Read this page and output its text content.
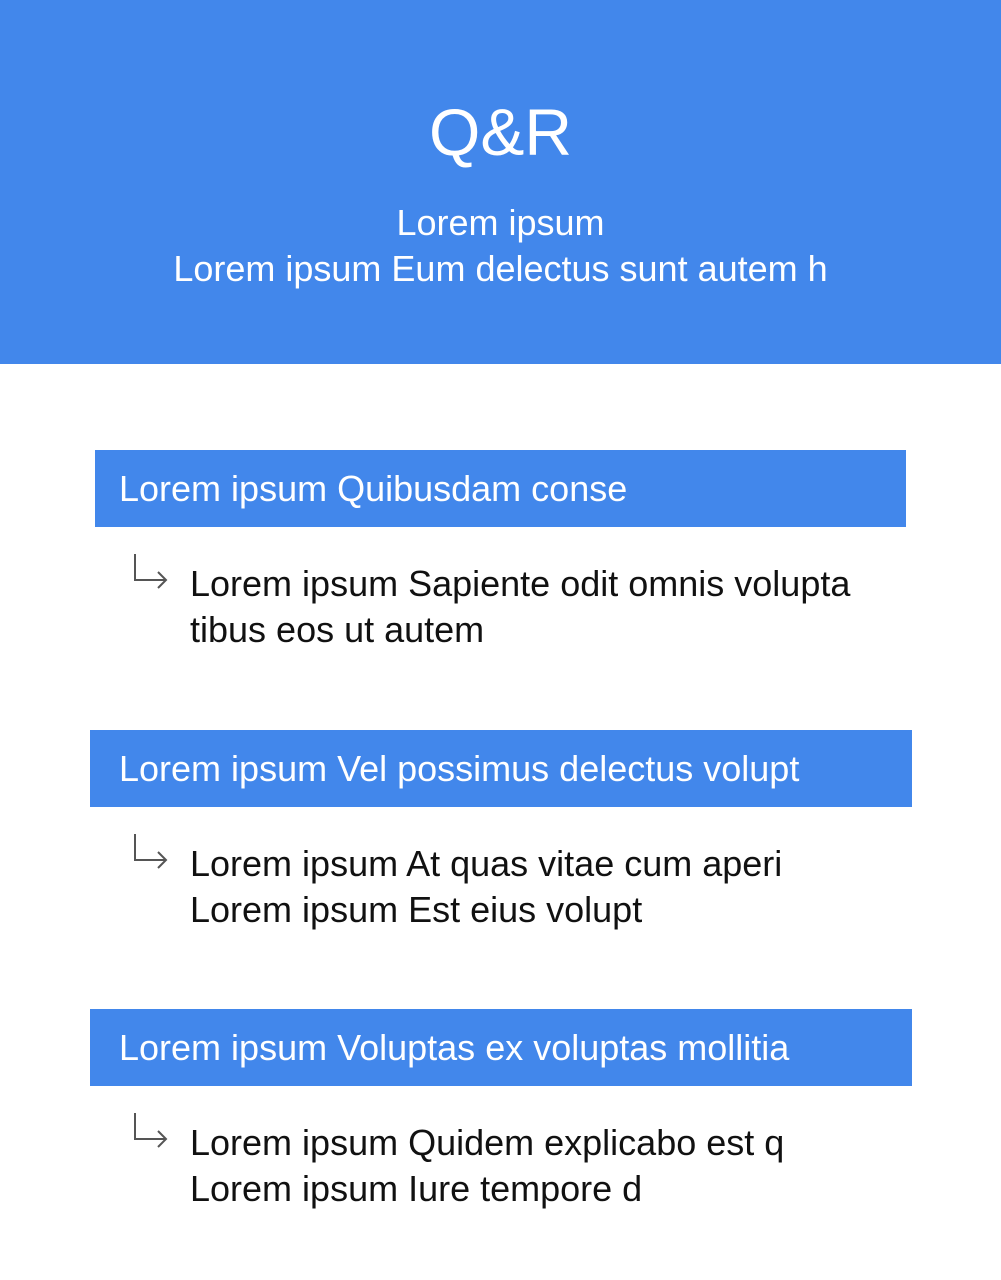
Q&R
Lorem ipsum
Lorem ipsum Eum delectus sunt autem h
Lorem ipsum Quibusdam conse
Lorem ipsum Sapiente odit omnis volupta
tibus eos ut autem
Lorem ipsum Vel possimus delectus volupt
Lorem ipsum At quas vitae cum aperi
Lorem ipsum Est eius volupt
Lorem ipsum Voluptas ex voluptas mollitia
Lorem ipsum Quidem explicabo est q
Lorem ipsum Iure tempore d
